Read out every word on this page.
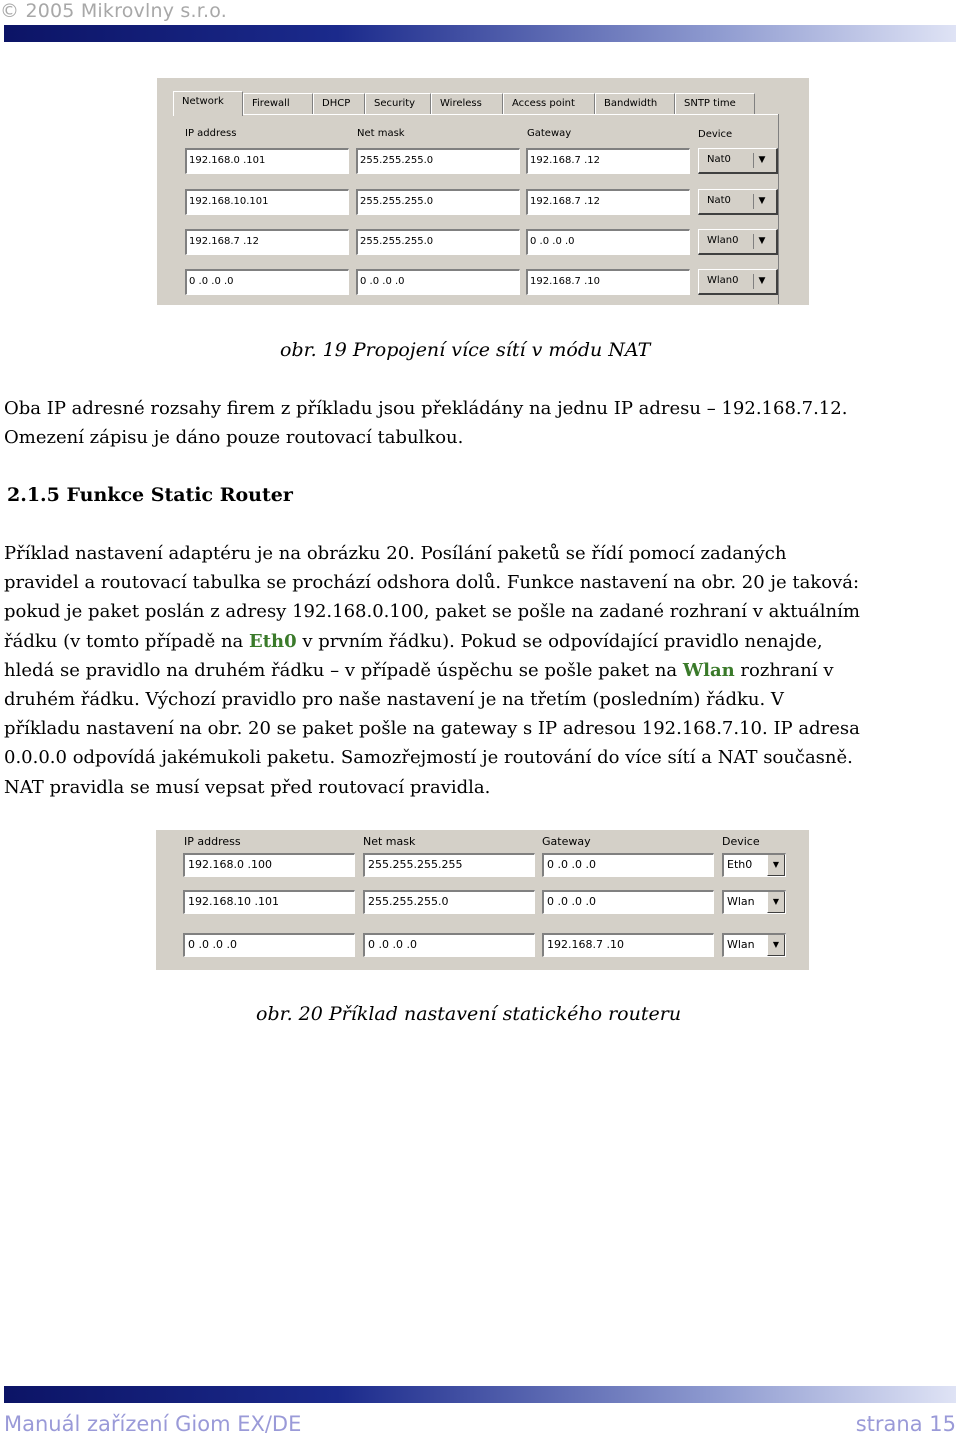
© 2005 Mikrovlny s.r.o.
Network	Firewall	DHCP	Security	Wireless	Access point	Bandwidth	SNTP time
IP address	Net mask	Gateway	Device
192.168.0 .101	255.255.255.0	192.168.7 .12	Nat0	▼
192.168.10.101	255.255.255.0	192.168.7 .12	Nat0	▼
192.168.7 .12	255.255.255.0	0 .0 .0 .0	Wlan0	▼
0 .0 .0 .0	0 .0 .0 .0	192.168.7 .10	Wlan0	▼
obr. 19 Propojení více sítí v módu NAT
Oba IP adresné rozsahy firem z příkladu jsou překládány na jednu IP adresu – 192.168.7.12.
Omezení zápisu je dáno pouze routovací tabulkou.
2.1.5 Funkce Static Router
Příklad nastavení adaptéru je na obrázku 20. Posílání paketů se řídí pomocí zadaných
pravidel a routovací tabulka se prochází odshora dolů. Funkce nastavení na obr. 20 je taková:
pokud je paket poslán z adresy 192.168.0.100, paket se pošle na zadané rozhraní v aktuálním
řádku (v tomto případě na Eth0 v prvním řádku). Pokud se odpovídající pravidlo nenajde,
hledá se pravidlo na druhém řádku – v případě úspěchu se pošle paket na Wlan rozhraní v
druhém řádku. Výchozí pravidlo pro naše nastavení je na třetím (posledním) řádku. V
příkladu nastavení na obr. 20 se paket pošle na gateway s IP adresou 192.168.7.10. IP adresa
0.0.0.0 odpovídá jakémukoli paketu. Samozřejmostí je routování do více sítí a NAT současně.
NAT pravidla se musí vepsat před routovací pravidla.
IP address	Net mask	Gateway	Device
192.168.0 .100	255.255.255.255	0 .0 .0 .0	Eth0	▼
192.168.10 .101	255.255.255.0	0 .0 .0 .0	Wlan	▼
0 .0 .0 .0	0 .0 .0 .0	192.168.7 .10	Wlan	▼
obr. 20 Příklad nastavení statického routeru
Manuál zařízení Giom EX/DE	strana 15
